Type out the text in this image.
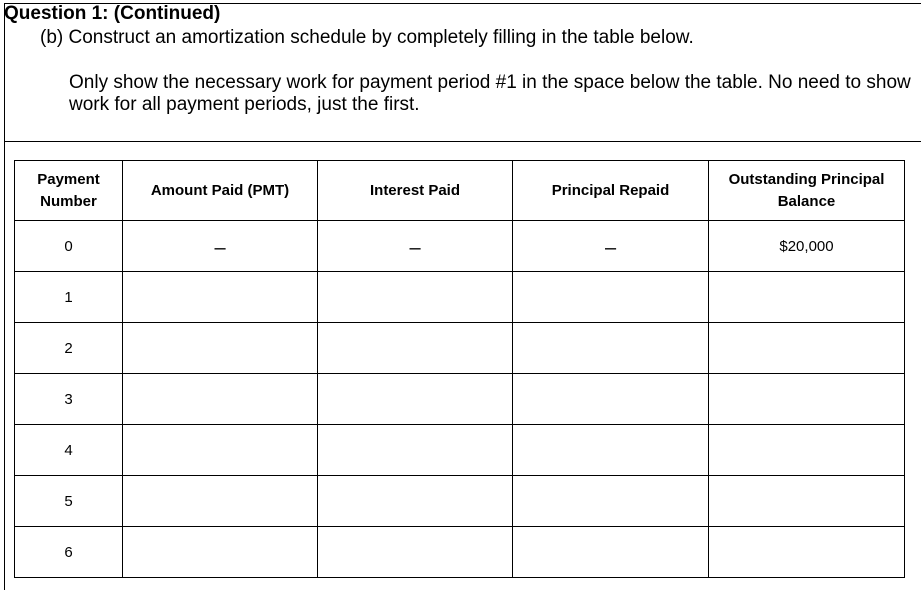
Question 1: (Continued)
(b) Construct an amortization schedule by completely filling in the table below.
Only show the necessary work for payment period #1 in the space below the table. No need to show work for all payment periods, just the first.
Payment Number	Amount Paid (PMT)	Interest Paid	Principal Repaid	Outstanding Principal Balance
0	–	–	–	$20,000
1				
2				
3				
4				
5				
6				
